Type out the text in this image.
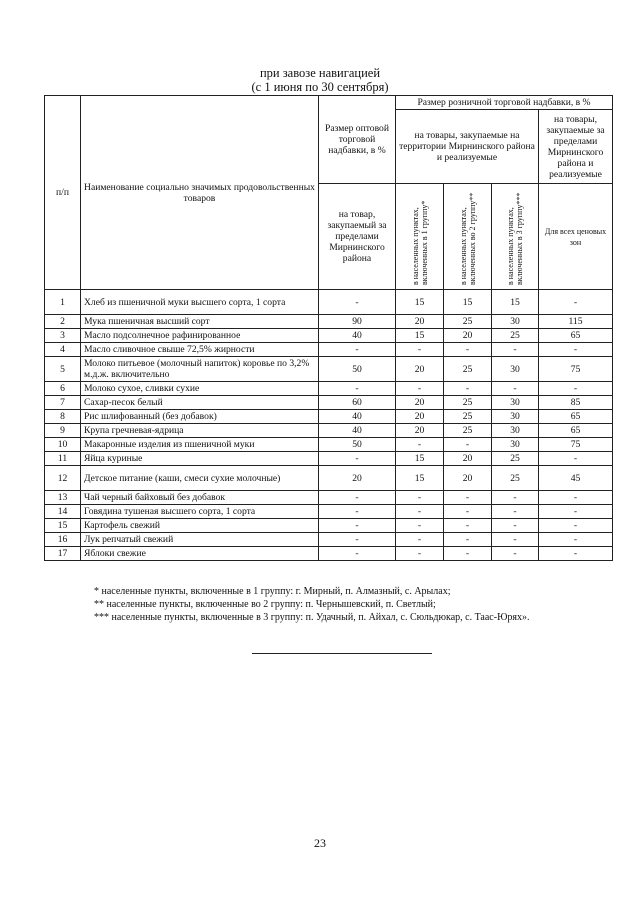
при завозе навигацией
(с 1 июня по 30 сентября)
п/п	Наименование социально значимых продовольственных товаров	Размер оптовой торговой надбавки, в %	Размер розничной торговой надбавки, в %			
			на товары, закупаемые на территории Мирнинского района и реализуемые			на товары, закупаемые за пределами Мирнинского района и реализуемые
		на товар, закупаемый за пределами Мирнинского района	в населенных пунктах, включенных в 1 группу*	в населенных пунктах, включенных во 2 группу**	в населенных пунктах, включенных в 3 группу***	Для всех ценовых зон
1	Хлеб из пшеничной муки высшего сорта, 1 сорта	-	15	15	15	-
2	Мука пшеничная высший сорт	90	20	25	30	115
3	Масло подсолнечное рафинированное	40	15	20	25	65
4	Масло сливочное свыше 72,5% жирности	-	-	-	-	-
5	Молоко питьевое (молочный напиток) коровье по 3,2% м.д.ж. включительно	50	20	25	30	75
6	Молоко сухое, сливки сухие	-	-	-	-	-
7	Сахар-песок белый	60	20	25	30	85
8	Рис шлифованный (без добавок)	40	20	25	30	65
9	Крупа гречневая-ядрица	40	20	25	30	65
10	Макаронные изделия из пшеничной муки	50	-	-	30	75
11	Яйца куриные	-	15	20	25	-
12	Детское питание (каши, смеси сухие молочные)	20	15	20	25	45
13	Чай черный байховый без добавок	-	-	-	-	-
14	Говядина тушеная высшего сорта, 1 сорта	-	-	-	-	-
15	Картофель свежий	-	-	-	-	-
16	Лук репчатый свежий	-	-	-	-	-
17	Яблоки свежие	-	-	-	-	-

* населенные пункты, включенные в 1 группу: г. Мирный, п. Алмазный, с. Арылах;

** населенные пункты, включенные во 2 группу: п. Чернышевский, п. Светлый;

*** населенные пункты, включенные в 3 группу: п. Удачный, п. Айхал, с. Сюльдюкар, с. Таас-Юрях».

23
